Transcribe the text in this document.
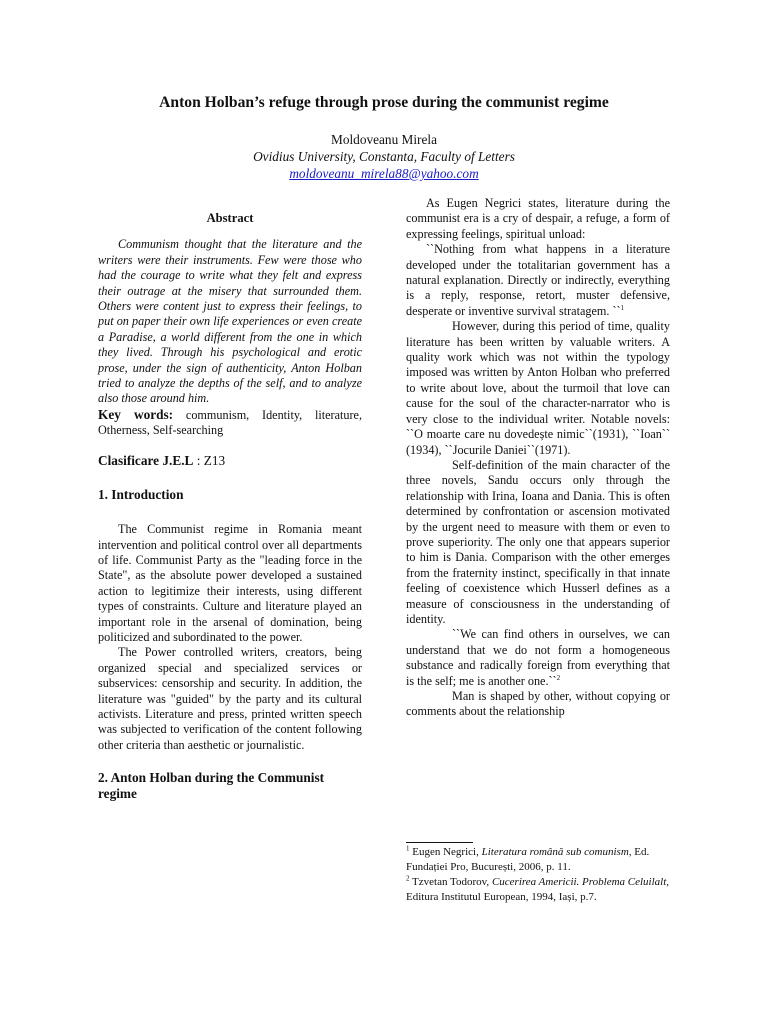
Anton Holban’s refuge through prose during the communist regime
Moldoveanu Mirela
Ovidius University, Constanta, Faculty of Letters
moldoveanu_mirela88@yahoo.com
Abstract

Communism thought that the literature and the writers were their instruments. Few were those who had the courage to write what they felt and express their outrage at the misery that surrounded them. Others were content just to express their feelings, to put on paper their own life experiences or even create a Paradise, a world different from the one in which they lived. Through his psychological and erotic prose, under the sign of authenticity, Anton Holban tried to analyze the depths of the self, and to analyze also those around him.

Key words: communism, Identity, literature, Otherness, Self-searching

Clasificare J.E.L : Z13
1. Introduction

The Communist regime in Romania meant intervention and political control over all departments of life. Communist Party as the "leading force in the State", as the absolute power developed a sustained action to legitimize their interests, using different types of constraints. Culture and literature played an important role in the arsenal of domination, being politicized and subordinated to the power.

The Power controlled writers, creators, being organized special and specialized services or subservices: censorship and security. In addition, the literature was "guided" by the party and its cultural activists. Literature and press, printed written speech was subjected to verification of the content following other criteria than aesthetic or journalistic.

2. Anton Holban during the Communist regime

As Eugen Negrici states, literature during the communist era is a cry of despair, a refuge, a form of expressing feelings, spiritual unload:

``Nothing from what happens in a literature developed under the totalitarian government has a natural explanation. Directly or indirectly, everything is a reply, response, retort, muster defensive, desperate or inventive survival stratagem. ``$^1$

However, during this period of time, quality literature has been written by valuable writers. A quality work which was not within the typology imposed was written by Anton Holban who preferred to write about love, about the turmoil that love can cause for the soul of the character-narrator who is very close to the individual writer. Notable novels: ``O moarte care nu dovedește nimic``(1931), ``Ioan`` (1934), ``Jocurile Daniei``(1971).

Self-definition of the main character of the three novels, Sandu occurs only through the relationship with Irina, Ioana and Dania. This is often determined by confrontation or ascension motivated by the urgent need to measure with them or even to prove superiority. The only one that appears superior to him is Dania. Comparison with the other emerges from the fraternity instinct, specifically in that innate feeling of coexistence which Husserl defines as a measure of consciousness in the understanding of identity.

``We can find others in ourselves, we can understand that we do not form a homogeneous substance and radically foreign from everything that is the self; me is another one.``$^2$

Man is shaped by other, without copying or comments about the relationship

$^1$ Eugen Negrici, Literatura română sub comunism, Ed. Fundației Pro, București, 2006, p. 11.

$^2$ Tzvetan Todorov, Cucerirea Americii. Problema Celuilalt, Editura Institutul European, 1994, Iași, p.7.
